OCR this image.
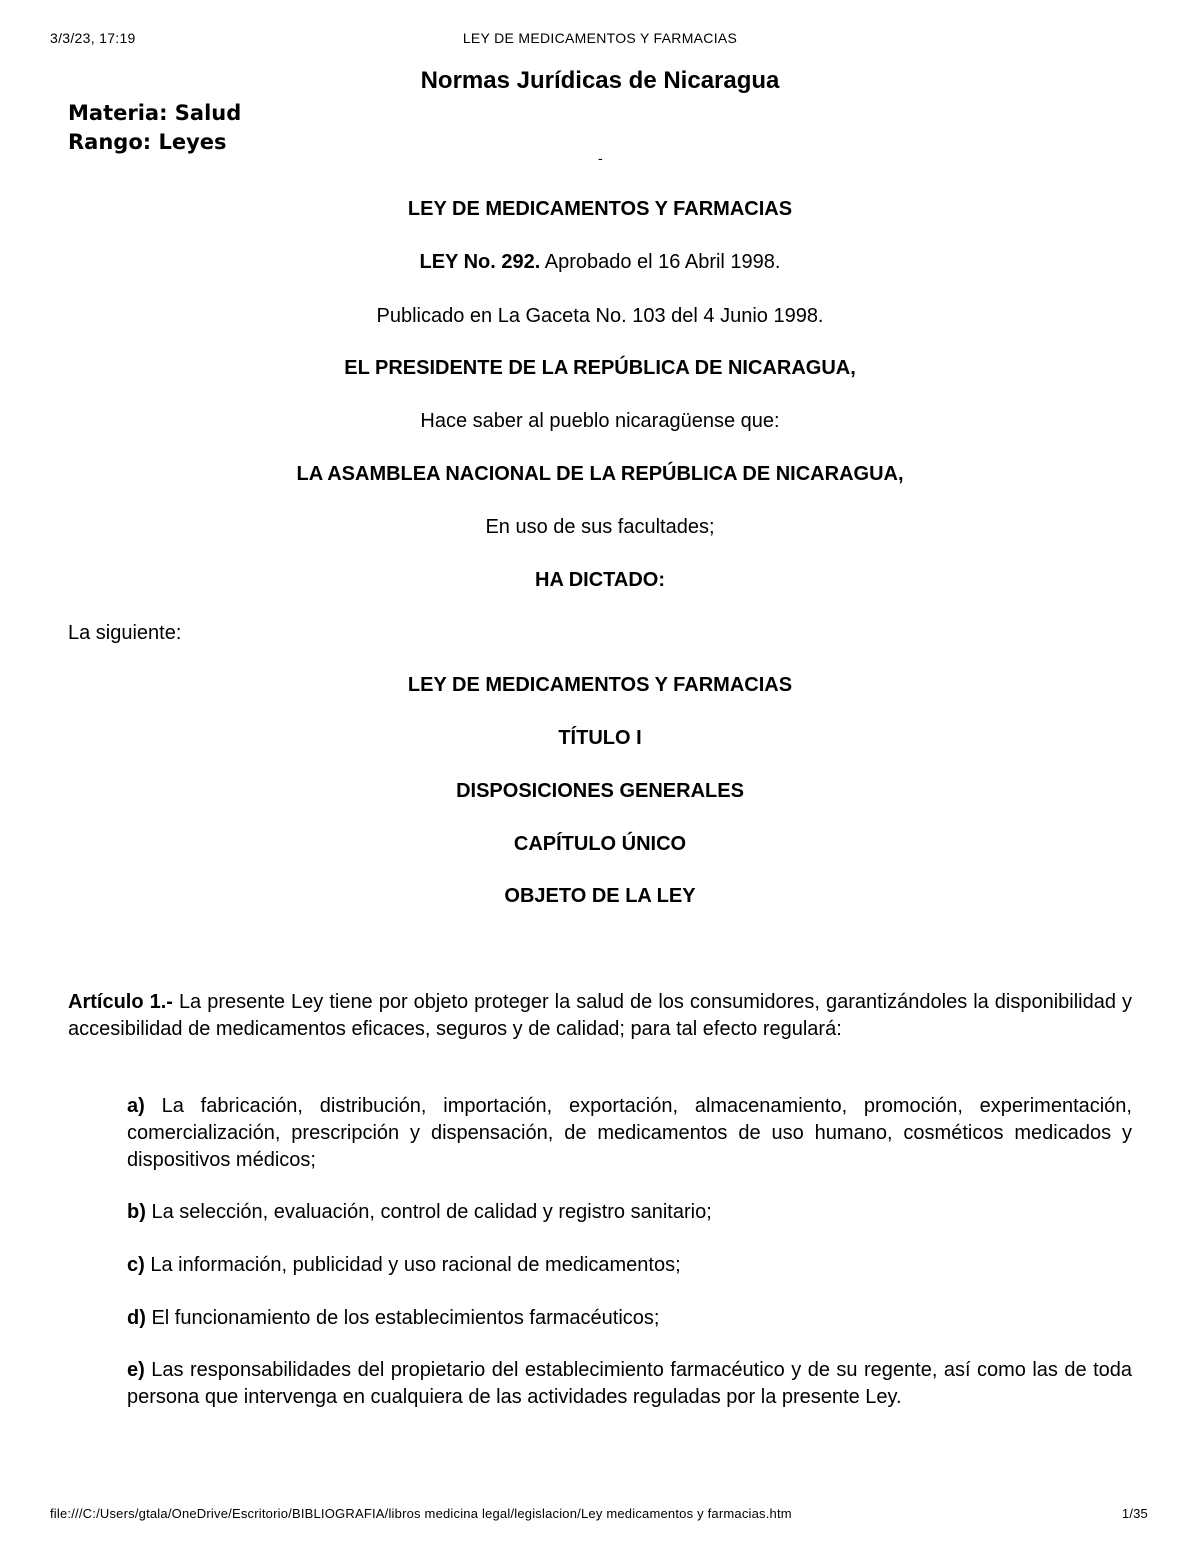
3/3/23, 17:19	LEY DE MEDICAMENTOS Y FARMACIAS
Normas Jurídicas de Nicaragua
Materia: Salud
Rango: Leyes
-
LEY DE MEDICAMENTOS Y FARMACIAS
LEY No. 292. Aprobado el 16 Abril 1998.
Publicado en La Gaceta No. 103 del 4 Junio 1998.
EL PRESIDENTE DE LA REPÚBLICA DE NICARAGUA,
Hace saber al pueblo nicaragüense que:
LA ASAMBLEA NACIONAL DE LA REPÚBLICA DE NICARAGUA,
En uso de sus facultades;
HA DICTADO:
La siguiente:
LEY DE MEDICAMENTOS Y FARMACIAS
TÍTULO I
DISPOSICIONES GENERALES
CAPÍTULO ÚNICO
OBJETO DE LA LEY
Artículo 1.- La presente Ley tiene por objeto proteger la salud de los consumidores, garantizándoles la disponibilidad y accesibilidad de medicamentos eficaces, seguros y de calidad; para tal efecto regulará:
a) La fabricación, distribución, importación, exportación, almacenamiento, promoción, experimentación, comercialización, prescripción y dispensación, de medicamentos de uso humano, cosméticos medicados y dispositivos médicos;
b) La selección, evaluación, control de calidad y registro sanitario;
c) La información, publicidad y uso racional de medicamentos;
d) El funcionamiento de los establecimientos farmacéuticos;
e) Las responsabilidades del propietario del establecimiento farmacéutico y de su regente, así como las de toda persona que intervenga en cualquiera de las actividades reguladas por la presente Ley.
file:///C:/Users/gtala/OneDrive/Escritorio/BIBLIOGRAFIA/libros medicina legal/legislacion/Ley medicamentos y farmacias.htm	1/35
